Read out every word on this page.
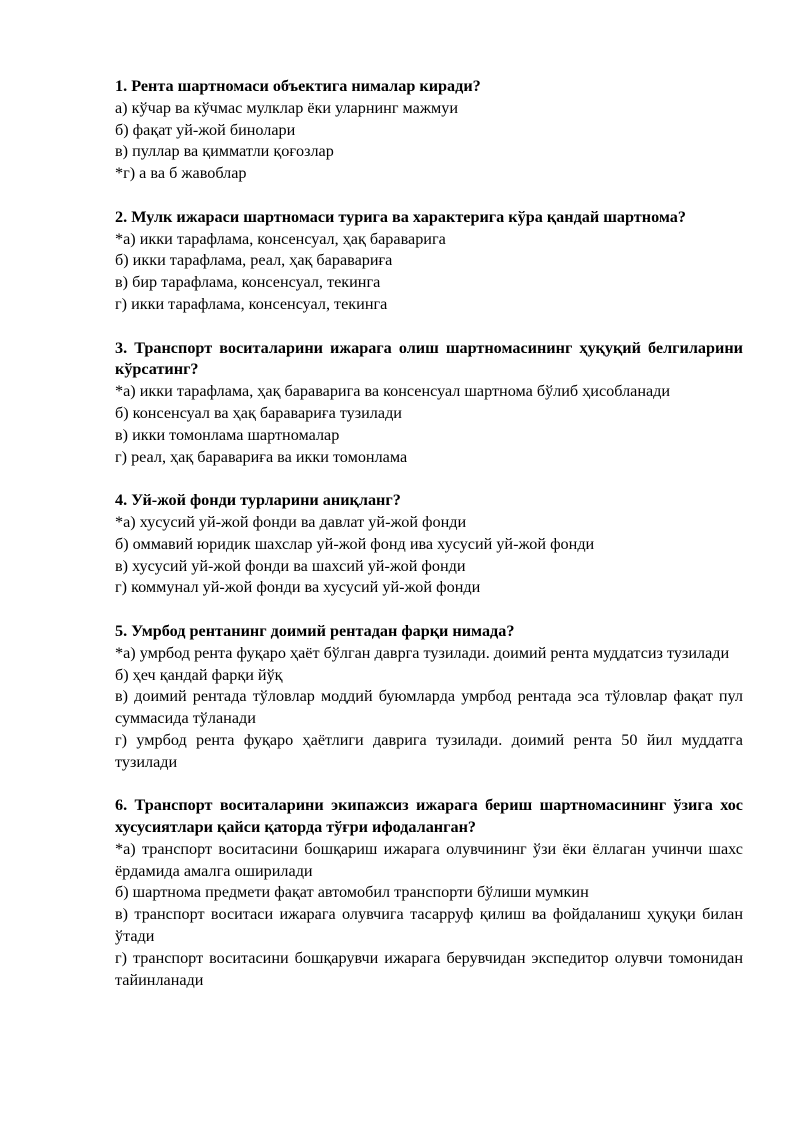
1. Рента шартномаси объектига нималар киради?

а) кўчар ва кўчмас мулклар ёки уларнинг мажмуи

б) фақат уй-жой бинолари

в) пуллар ва қимматли қоғозлар

*г) а ва б жавоблар

2. Мулк ижараси шартномаси турига ва характерига кўра қандай шартнома?

*а) икки тарафлама, консенсуал, ҳақ бараваригa

б) икки тарафлама, реал, ҳақ баравариға

в) бир тарафлама, консенсуал, текинга

г) икки тарафлама, консенсуал, текинга

3. Транспорт воситаларини ижарага олиш шартномасининг ҳуқуқий белгиларини кўрсатинг?

*а) икки тарафлама, ҳақ бараваригa ва консенсуал шартнома бўлиб ҳисобланади

б) консенсуал ва ҳақ баравариға тузилади

в) икки томонлама шартномалар

г) реал, ҳақ баравариға ва икки томонлама

4. Уй-жой фонди турларини аниқланг?

*а) хусусий уй-жой фонди ва давлат уй-жой фонди

б) оммавий юридик шахслар уй-жой фонд ива хусусий уй-жой фонди

в) хусусий уй-жой фонди ва шахсий уй-жой фонди

г) коммунал уй-жой фонди ва хусусий уй-жой фонди

5. Умрбод рентанинг доимий рентадан фарқи нимада?

*а) умрбод рента фуқаро ҳаёт бўлган даврга тузилади. доимий рента муддатсиз тузилади

б) ҳеч қандай фарқи йўқ

в) доимий рентада тўловлар моддий буюмларда умрбод рентада эса тўловлар фақат пул суммасида тўланади

г) умрбод рента фуқаро ҳаётлиги даврига тузилади. доимий рента 50 йил муддатга тузилади

6. Транспорт воситаларини экипажсиз ижарага бериш шартномасининг ўзига хос хусусиятлари қайси қаторда тўғри ифодаланган?

*а) транспорт воситасини бошқариш ижарага олувчининг ўзи ёки ёллаган учинчи шахс ёрдамида амалга оширилади

б) шартнома предмети фақат автомобил транспорти бўлиши мумкин

в) транспорт воситаси ижарага олувчига тасарруф қилиш ва фойдаланиш ҳуқуқи билан ўтади

г) транспорт воситасини бошқарувчи ижарага берувчидан экспедитор олувчи томонидан тайинланади
